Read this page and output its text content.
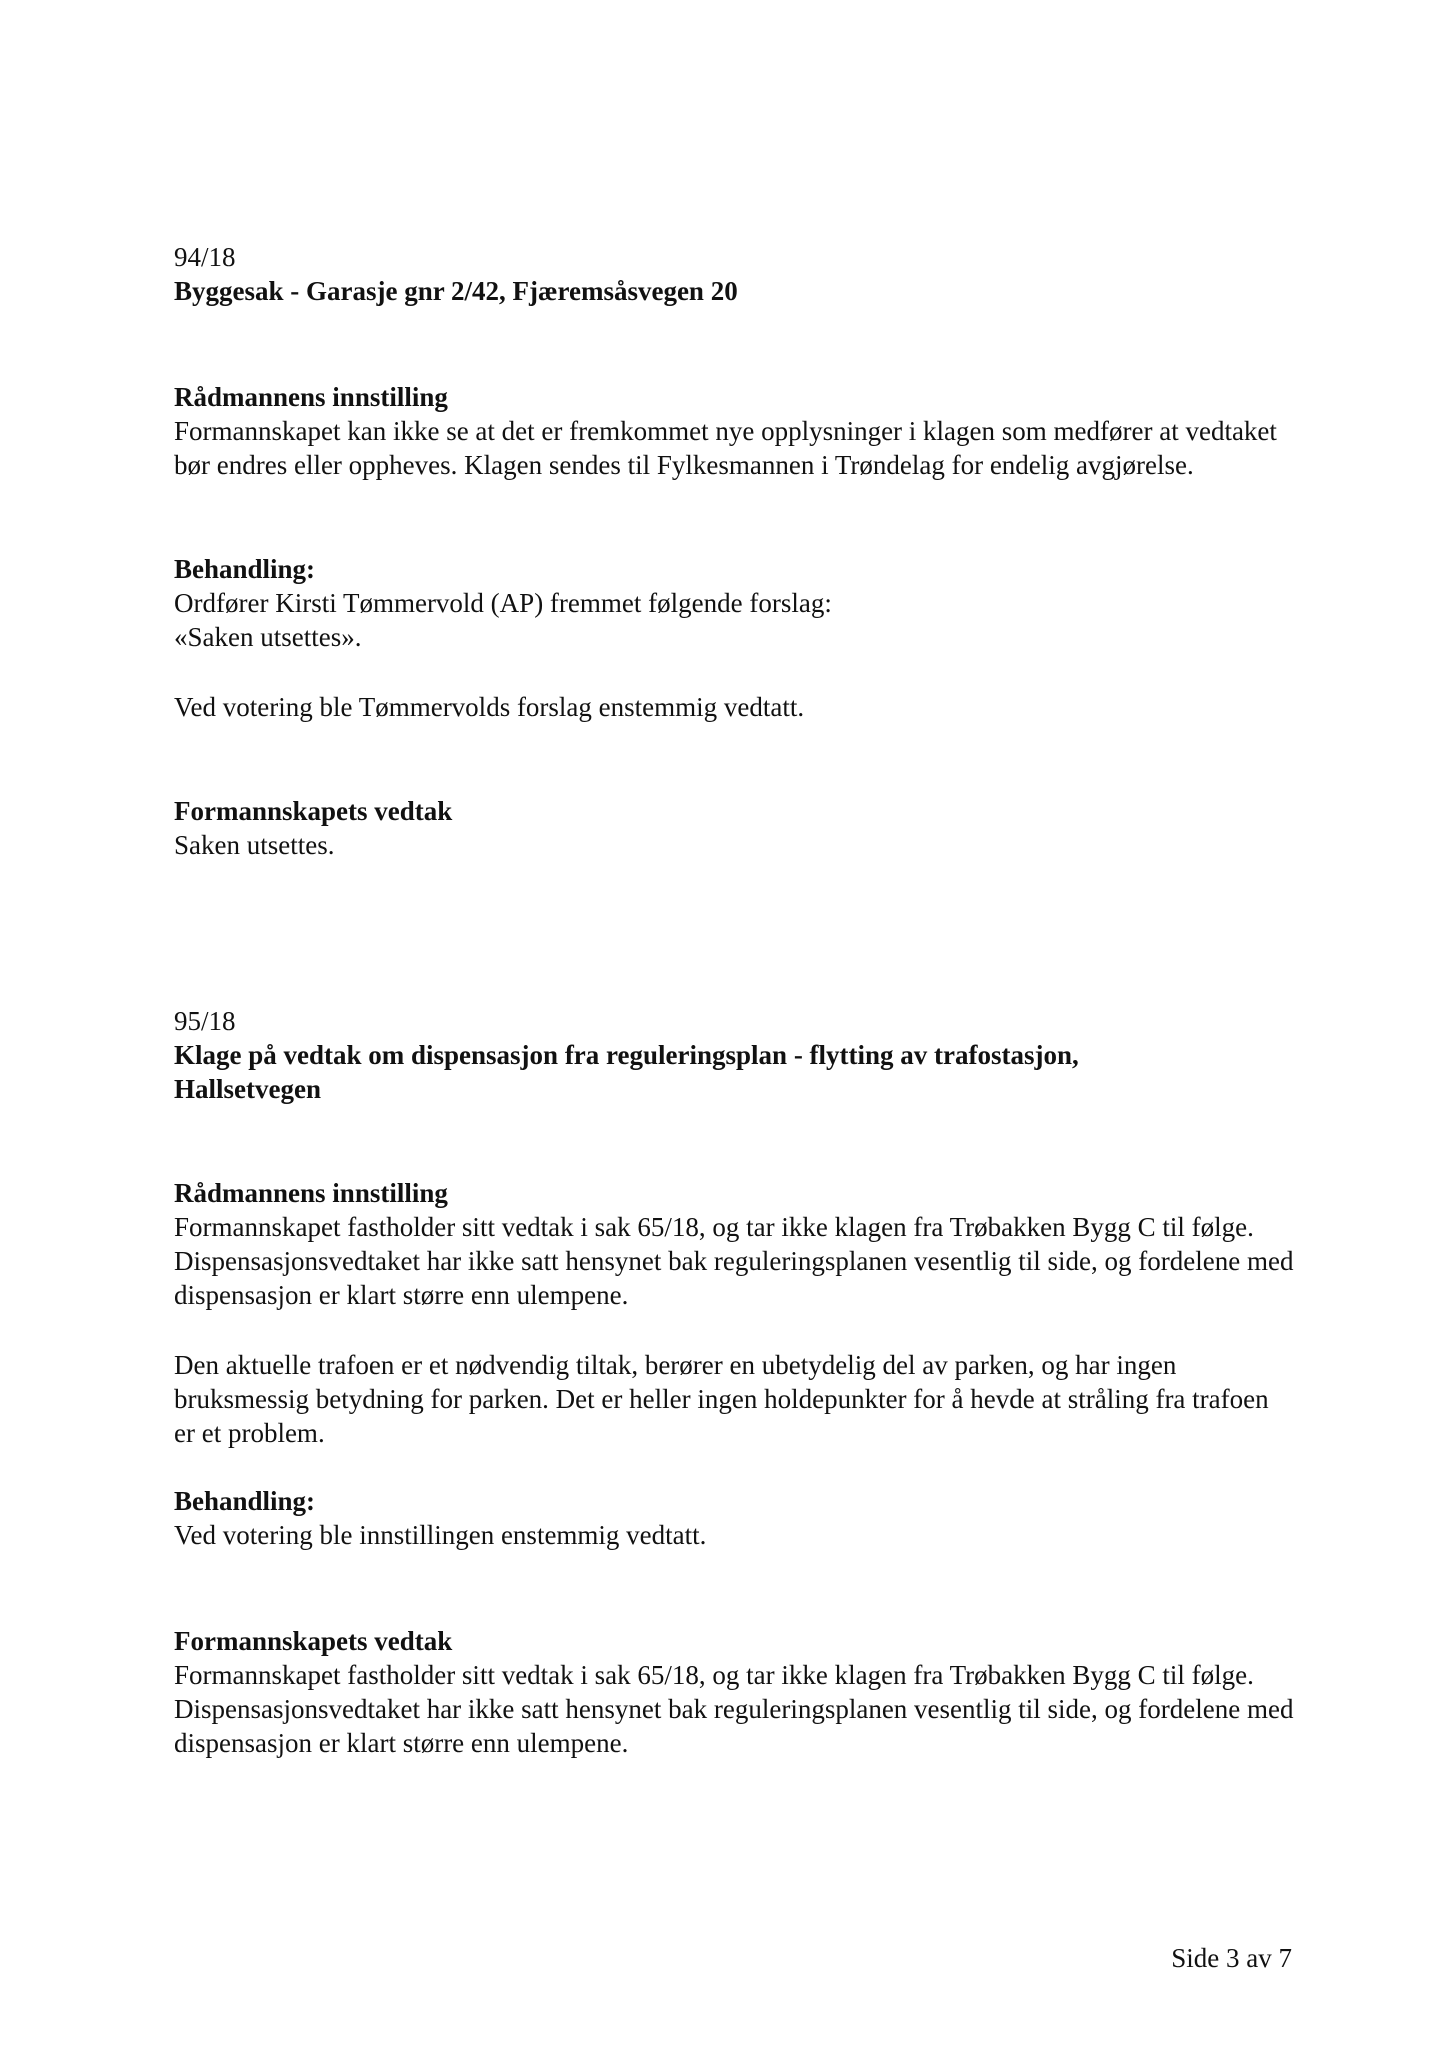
94/18

Byggesak - Garasje gnr 2/42, Fjæremsåsvegen 20

Rådmannens innstilling

Formannskapet kan ikke se at det er fremkommet nye opplysninger i klagen som medfører at vedtaket bør endres eller oppheves. Klagen sendes til Fylkesmannen i Trøndelag for endelig avgjørelse.

Behandling:

Ordfører Kirsti Tømmervold (AP) fremmet følgende forslag:

«Saken utsettes».

Ved votering ble Tømmervolds forslag enstemmig vedtatt.

Formannskapets vedtak

Saken utsettes.

95/18

Klage på vedtak om dispensasjon fra reguleringsplan - flytting av trafostasjon, Hallsetvegen

Rådmannens innstilling

Formannskapet fastholder sitt vedtak i sak 65/18, og tar ikke klagen fra Trøbakken Bygg C til følge. Dispensasjonsvedtaket har ikke satt hensynet bak reguleringsplanen vesentlig til side, og fordelene med dispensasjon er klart større enn ulempene.

Den aktuelle trafoen er et nødvendig tiltak, berører en ubetydelig del av parken, og har ingen bruksmessig betydning for parken. Det er heller ingen holdepunkter for å hevde at stråling fra trafoen er et problem.

Behandling:

Ved votering ble innstillingen enstemmig vedtatt.

Formannskapets vedtak

Formannskapet fastholder sitt vedtak i sak 65/18, og tar ikke klagen fra Trøbakken Bygg C til følge. Dispensasjonsvedtaket har ikke satt hensynet bak reguleringsplanen vesentlig til side, og fordelene med dispensasjon er klart større enn ulempene.

Side 3 av 7
